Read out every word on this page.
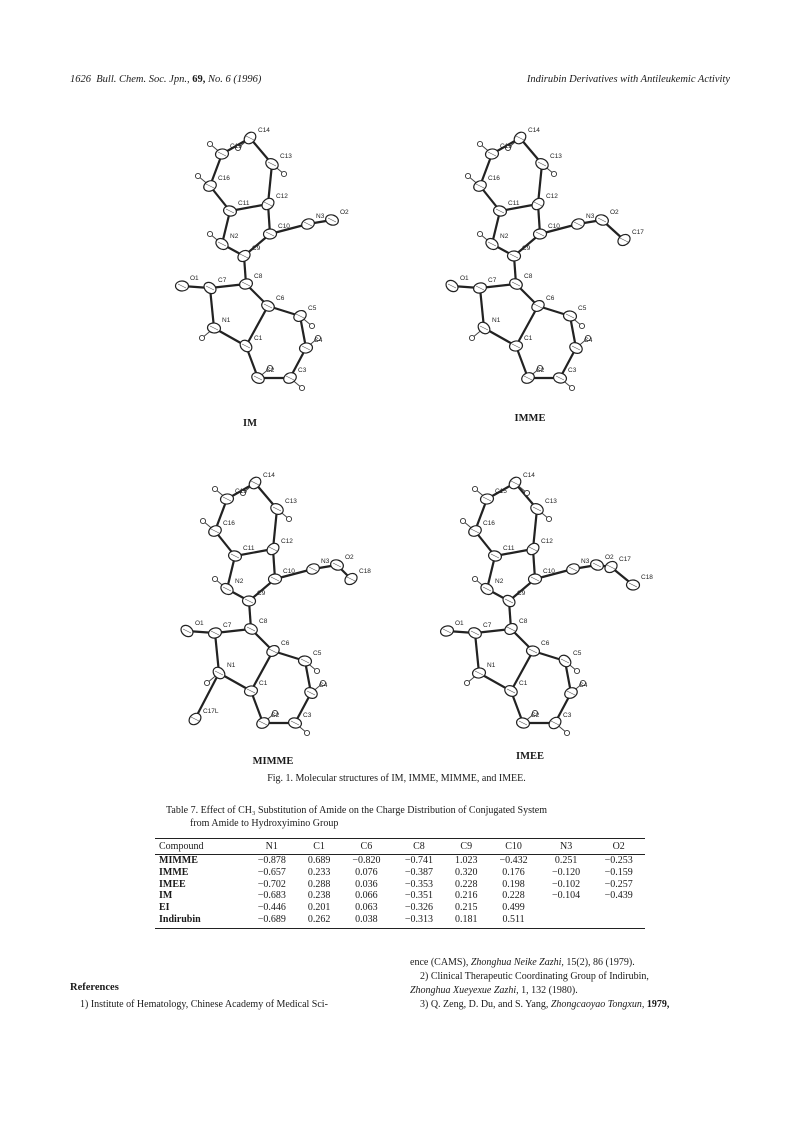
1626 Bull. Chem. Soc. Jpn., 69, No. 6 (1996)	Indirubin Derivatives with Antileukemic Activity
C14
C15
C13
C16
C11
C12
C10
N2
N3
O2
C9
O1	C7
C8
C6
C5
N1
C1	C4
C2	C3
IM
C14
C15
C13
C16
C11
C12
C10
N2
N3
O2
C17
C9
O1	C7
C8
C6
C5
N1
C1	C4
C2	C3
IMME
C14
C15
C13
C16
C11
C12
C10
N2
N3
O2
C18
C9
O1	C7
C8
C6
C5
N1
C1	C4
C2	C3
C17L
MIMME
C14
C15
C13
C16
C11
C12
C10
N2
N3
O2 C17
C18
C9
O1	C7
C8
C6
C5
N1
C1	C4
C2	C3
IMEE
Fig. 1. Molecular structures of IM, IMME, MIMME, and IMEE.
Table 7. Effect of CH₃ Substitution of Amide on the Charge Distribution of Conjugated System
from Amide to Hydroxyimino Group
Compound	N1	C1	C6	C8	C9	C10	N3	O2
MIMME	−0.878	0.689	−0.820	−0.741	1.023	−0.432	0.251	−0.253
IMME	−0.657	0.233	0.076	−0.387	0.320	0.176	−0.120	−0.159
IMEE	−0.702	0.288	0.036	−0.353	0.228	0.198	−0.102	−0.257
IM	−0.683	0.238	0.066	−0.351	0.216	0.228	−0.104	−0.439
EI	−0.446	0.201	0.063	−0.326	0.215	0.499		
Indirubin	−0.689	0.262	0.038	−0.313	0.181	0.511		
References
1) Institute of Hematology, Chinese Academy of Medical Sci-
ence (CAMS), Zhonghua Neike Zazhi, 15(2), 86 (1979).
2) Clinical Therapeutic Coordinating Group of Indirubin,
Zhonghua Xueyexue Zazhi, 1, 132 (1980).
3) Q. Zeng, D. Du, and S. Yang, Zhongcaoyao Tongxun, 1979,
